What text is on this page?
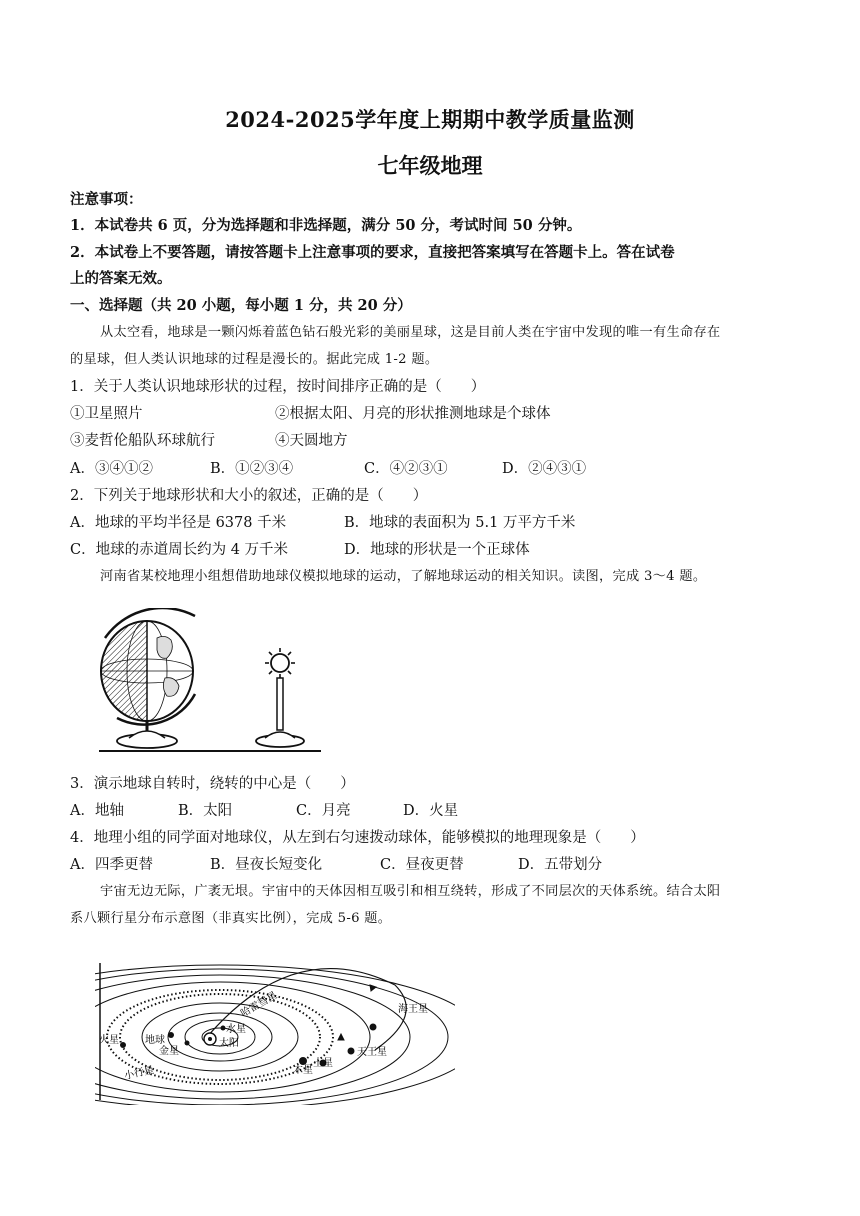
2024-2025学年度上期期中教学质量监测
七年级地理
注意事项：
1．本试卷共 6 页，分为选择题和非选择题，满分 50 分，考试时间 50 分钟。
2．本试卷上不要答题，请按答题卡上注意事项的要求，直接把答案填写在答题卡上。答在试卷
上的答案无效。
一、选择题（共 20 小题，每小题 1 分，共 20 分）
从太空看，地球是一颗闪烁着蓝色钻石般光彩的美丽星球，这是目前人类在宇宙中发现的唯一有生命存在
的星球，但人类认识地球的过程是漫长的。据此完成 1-2 题。
1．关于人类认识地球形状的过程，按时间排序正确的是（　　）
①卫星照片	②根据太阳、月亮的形状推测地球是个球体
③麦哲伦船队环球航行	④天圆地方
A．③④①②	B．①②③④	C．④②③①	D．②④③①
2．下列关于地球形状和大小的叙述，正确的是（　　）
A．地球的平均半径是 6378 千米	B．地球的表面积为 5.1 万平方千米
C．地球的赤道周长约为 4 万千米	D．地球的形状是一个正球体
河南省某校地理小组想借助地球仪模拟地球的运动，了解地球运动的相关知识。读图，完成 3～4 题。
3．演示地球自转时，绕转的中心是（　　）
A．地轴	B．太阳	C．月亮	D．火星
4．地理小组的同学面对地球仪，从左到右匀速拨动球体，能够模拟的地理现象是（　　）
A．四季更替	B．昼夜长短变化	C．昼夜更替	D．五带划分
宇宙无边无际，广袤无垠。宇宙中的天体因相互吸引和相互绕转，形成了不同层次的天体系统。结合太阳
系八颗行星分布示意图（非真实比例），完成 5-6 题。
火星	地球
金星
水星
太阳
小行星	木星
土星
天王星
海王星
哈雷彗星
